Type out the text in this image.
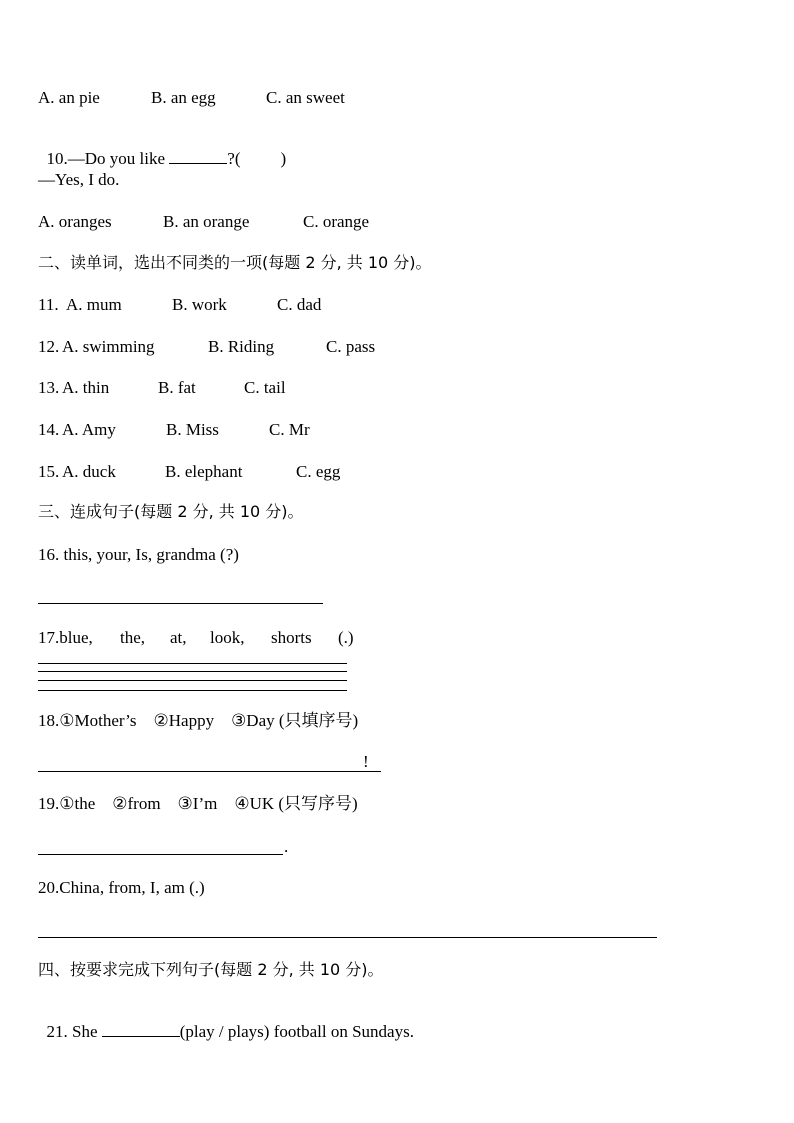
A. an pie	B. an egg	C. an sweet

10.—Do you like	?( )

—Yes, I do.
A. oranges	B. an orange	C. orange
二、读单词，选出不同类的一项(每题 2 分, 共 10 分)。
11. A. mum	B. work	C. dad
12. A. swimming	B. Riding	C. pass
13. A. thin	B. fat	C. tail
14. A. Amy	B. Miss	C. Mr
15. A. duck	B. elephant	C. egg
三、连成句子(每题 2 分, 共 10 分)。
16. this, your, Is, grandma (?)
17.blue, the, at, look, shorts (.)
18.①Mother’s    ②Happy    ③Day (只填序号)
!
19.①the    ②from    ③I’m    ④UK (只写序号)
.
20.China, from, I, am (.)
四、按要求完成下列句子(每题 2 分, 共 10 分)。

21. She	(play / plays) football on Sundays.
